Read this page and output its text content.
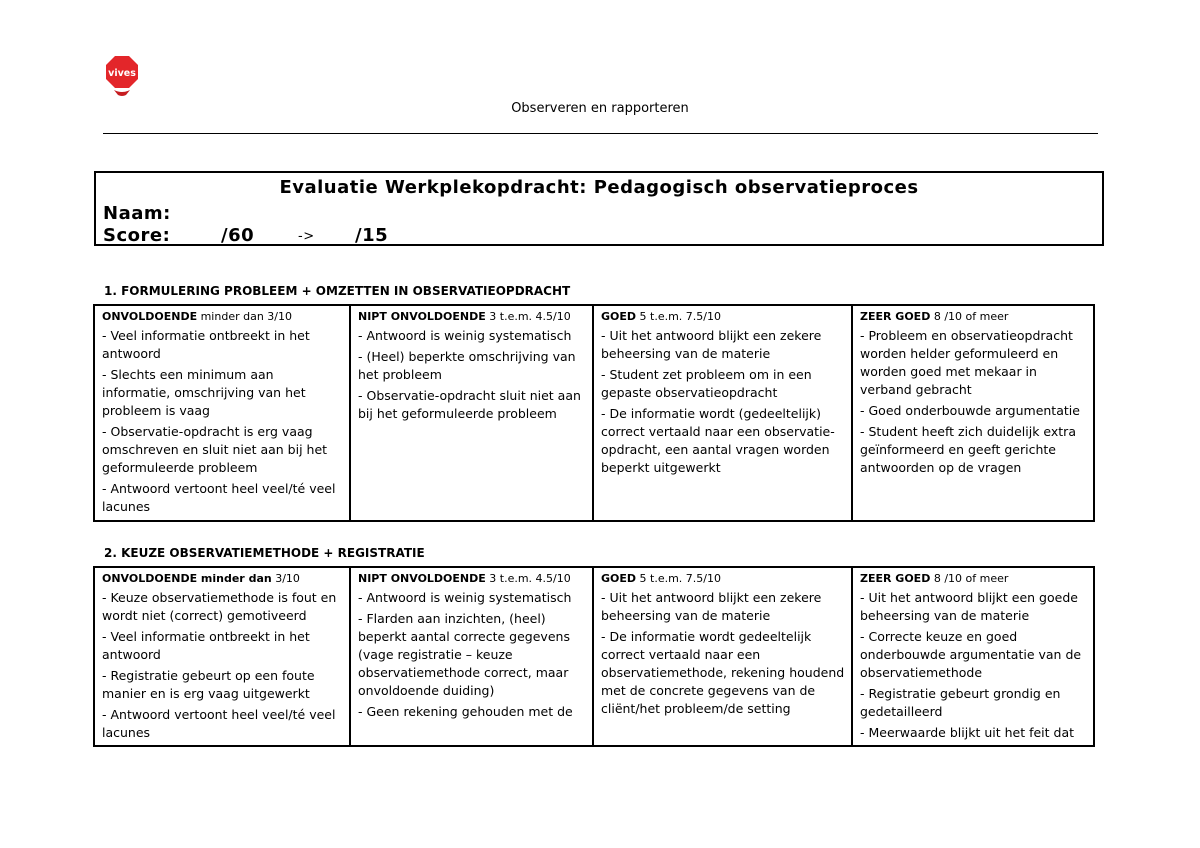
vives
Observeren en rapporteren
Evaluatie Werkplekopdracht: Pedagogisch observatieproces
Naam:
Score:	/60	-> /15
1. FORMULERING PROBLEEM + OMZETTEN IN OBSERVATIEOPDRACHT
ONVOLDOENDE minder dan 3/10
- Veel informatie ontbreekt in het antwoord
- Slechts een minimum aan informatie, omschrijving van het probleem is vaag
- Observatie-opdracht is erg vaag omschreven en sluit niet aan bij het geformuleerde probleem
- Antwoord vertoont heel veel/té veel lacunes

NIPT ONVOLDOENDE 3 t.e.m. 4.5/10
- Antwoord is weinig systematisch
- (Heel) beperkte omschrijving van het probleem
- Observatie-opdracht sluit niet aan bij het geformuleerde probleem

GOED 5 t.e.m. 7.5/10
- Uit het antwoord blijkt een zekere beheersing van de materie
- Student zet probleem om in een gepaste observatieopdracht
- De informatie wordt (gedeeltelijk) correct vertaald naar een observatie-opdracht, een aantal vragen worden beperkt uitgewerkt

ZEER GOED 8 /10 of meer
- Probleem en observatieopdracht worden helder geformuleerd en worden goed met mekaar in verband gebracht
- Goed onderbouwde argumentatie
- Student heeft zich duidelijk extra geïnformeerd en geeft gerichte antwoorden op de vragen
2. KEUZE OBSERVATIEMETHODE + REGISTRATIE
ONVOLDOENDE minder dan 3/10
- Keuze observatiemethode is fout en wordt niet (correct) gemotiveerd
- Veel informatie ontbreekt in het antwoord
- Registratie gebeurt op een foute manier en is erg vaag uitgewerkt
- Antwoord vertoont heel veel/té veel lacunes

NIPT ONVOLDOENDE 3 t.e.m. 4.5/10
- Antwoord is weinig systematisch
- Flarden aan inzichten, (heel) beperkt aantal correcte gegevens (vage registratie – keuze observatiemethode correct, maar onvoldoende duiding)
- Geen rekening gehouden met de

GOED 5 t.e.m. 7.5/10
- Uit het antwoord blijkt een zekere beheersing van de materie
- De informatie wordt gedeeltelijk correct vertaald naar een observatiemethode, rekening houdend met de concrete gegevens van de cliënt/het probleem/de setting

ZEER GOED 8 /10 of meer
- Uit het antwoord blijkt een goede beheersing van de materie
- Correcte keuze en goed onderbouwde argumentatie van de observatiemethode
- Registratie gebeurt grondig en gedetailleerd
- Meerwaarde blijkt uit het feit dat
